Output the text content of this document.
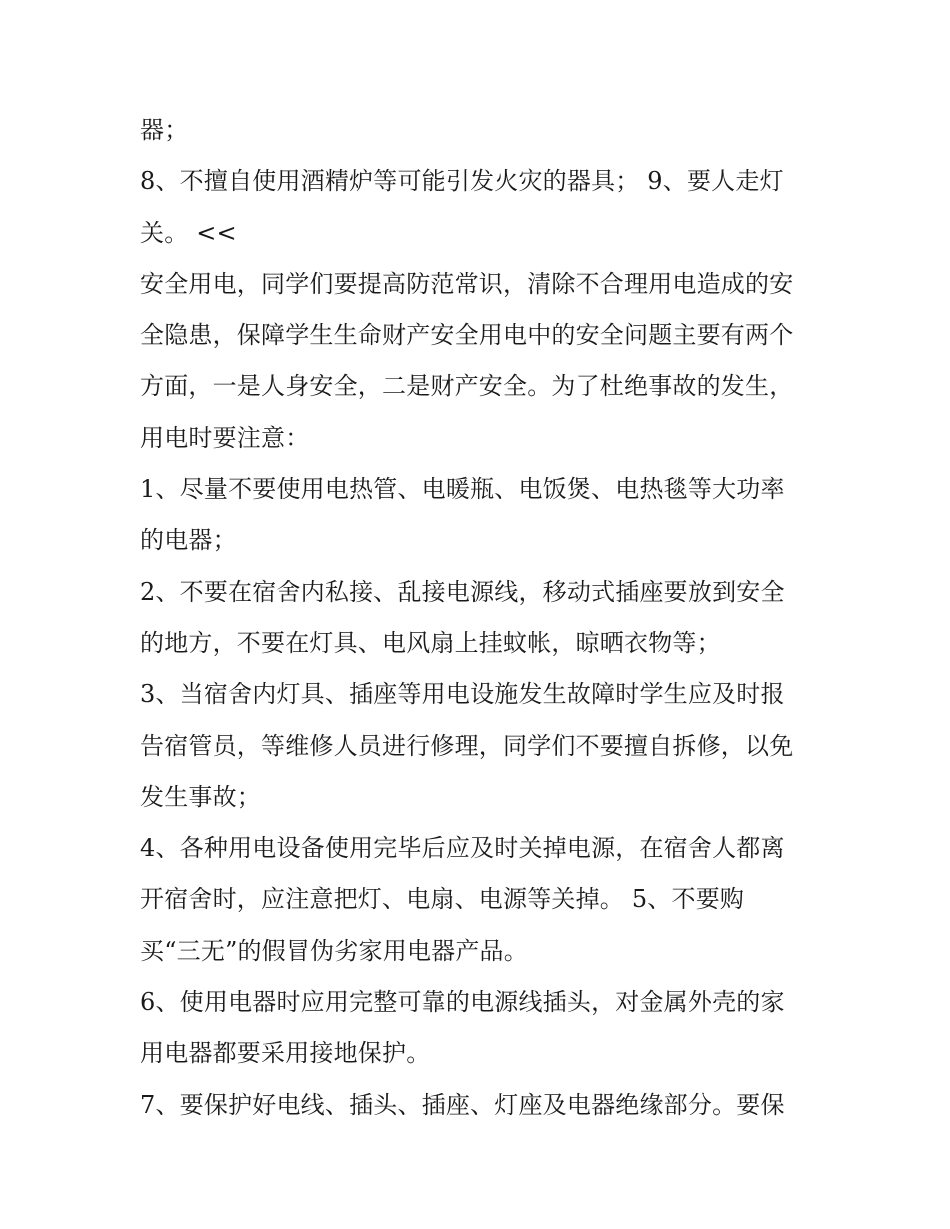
器；
8、不擅自使用酒精炉等可能引发火灾的器具； 9、要人走灯
关。 <<
安全用电，同学们要提高防范常识，清除不合理用电造成的安
全隐患，保障学生生命财产安全用电中的安全问题主要有两个
方面，一是人身安全，二是财产安全。为了杜绝事故的发生，
用电时要注意：
1、尽量不要使用电热管、电暖瓶、电饭煲、电热毯等大功率
的电器；
2、不要在宿舍内私接、乱接电源线，移动式插座要放到安全
的地方，不要在灯具、电风扇上挂蚊帐，晾晒衣物等；
3、当宿舍内灯具、插座等用电设施发生故障时学生应及时报
告宿管员，等维修人员进行修理，同学们不要擅自拆修，以免
发生事故；
4、各种用电设备使用完毕后应及时关掉电源，在宿舍人都离
开宿舍时，应注意把灯、电扇、电源等关掉。 5、不要购
买“三无”的假冒伪劣家用电器产品。
6、使用电器时应用完整可靠的电源线插头，对金属外壳的家
用电器都要采用接地保护。
7、要保护好电线、插头、插座、灯座及电器绝缘部分。要保
